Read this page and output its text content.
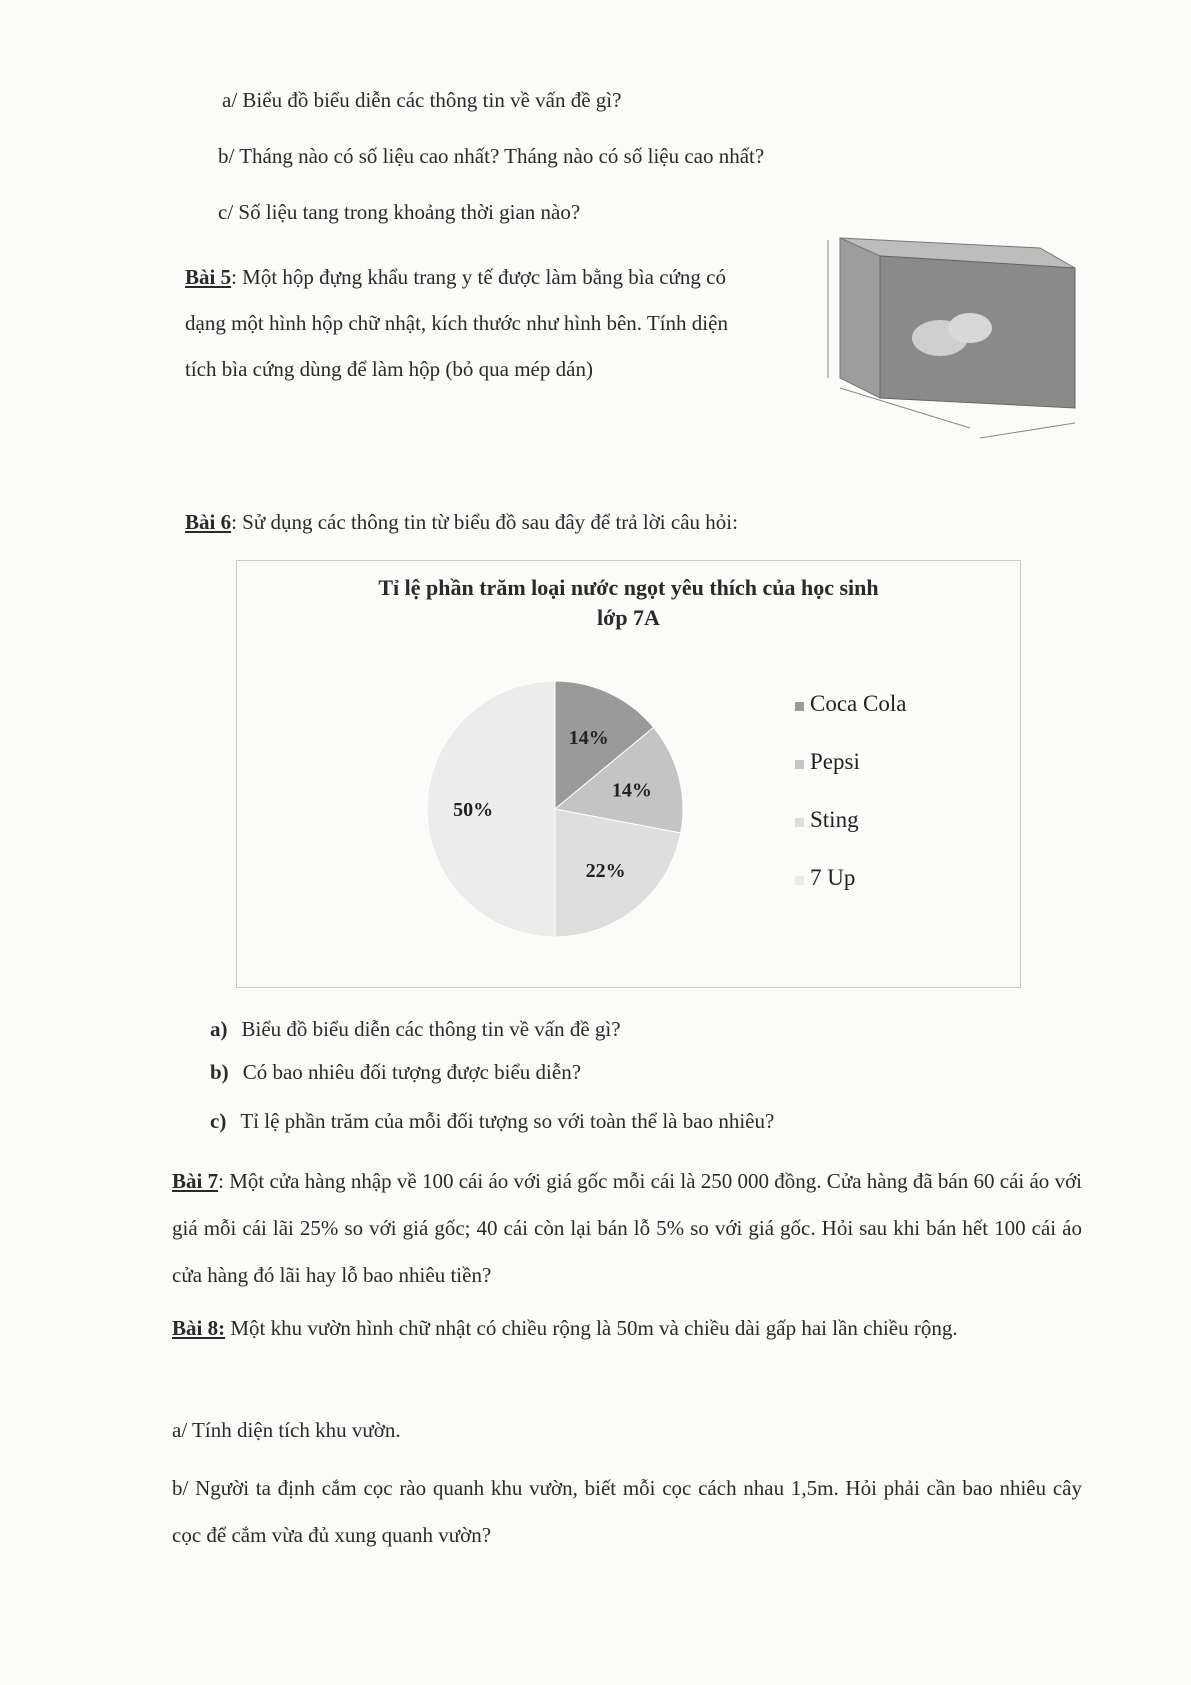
a/ Biểu đồ biểu diễn các thông tin về vấn đề gì?
b/ Tháng nào có số liệu cao nhất? Tháng nào có số liệu cao nhất?
c/ Số liệu tang trong khoảng thời gian nào?
Bài 5: Một hộp đựng khẩu trang y tế được làm bằng bìa cứng có dạng một hình hộp chữ nhật, kích thước như hình bên. Tính diện tích bìa cứng dùng để làm hộp (bỏ qua mép dán)
Bài 6: Sử dụng các thông tin từ biểu đồ sau đây để trả lời câu hỏi:
Tỉ lệ phần trăm loại nước ngọt yêu thích của học sinh
lớp 7A
14%
14%
22%
50%
Coca Cola
Pepsi
Sting
7 Up
a) Biểu đồ biểu diễn các thông tin về vấn đề gì?
b) Có bao nhiêu đối tượng được biểu diễn?
c) Tỉ lệ phần trăm của mỗi đối tượng so với toàn thể là bao nhiêu?
Bài 7: Một cửa hàng nhập về 100 cái áo với giá gốc mỗi cái là 250 000 đồng. Cửa hàng đã bán 60 cái áo với giá mỗi cái lãi 25% so với giá gốc; 40 cái còn lại bán lỗ 5% so với giá gốc. Hỏi sau khi bán hết 100 cái áo cửa hàng đó lãi hay lỗ bao nhiêu tiền?
Bài 8: Một khu vườn hình chữ nhật có chiều rộng là 50m và chiều dài gấp hai lần chiều rộng.
a/ Tính diện tích khu vườn.
b/ Người ta định cắm cọc rào quanh khu vườn, biết mỗi cọc cách nhau 1,5m. Hỏi phải cần bao nhiêu cây cọc để cắm vừa đủ xung quanh vườn?
